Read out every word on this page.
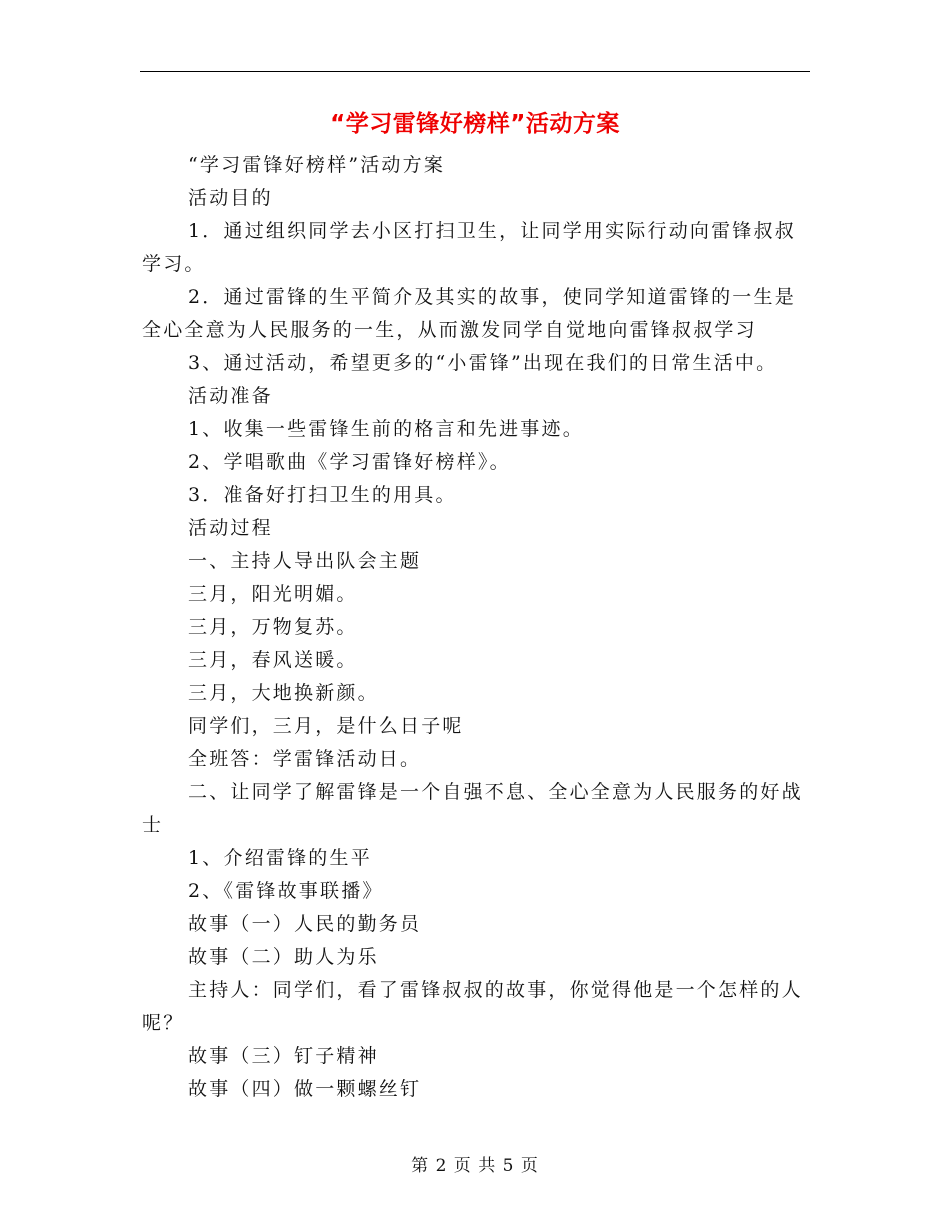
“学习雷锋好榜样”活动方案

“学习雷锋好榜样”活动方案

活动目的

1．通过组织同学去小区打扫卫生，让同学用实际行动向雷锋叔叔学习。

2．通过雷锋的生平简介及其实的故事，使同学知道雷锋的一生是全心全意为人民服务的一生，从而激发同学自觉地向雷锋叔叔学习

3、通过活动，希望更多的“小雷锋”出现在我们的日常生活中。

活动准备

1、收集一些雷锋生前的格言和先进事迹。

2、学唱歌曲《学习雷锋好榜样》。

3．准备好打扫卫生的用具。

活动过程

一、主持人导出队会主题

三月，阳光明媚。

三月，万物复苏。

三月，春风送暖。

三月，大地换新颜。

同学们，三月，是什么日子呢

全班答：学雷锋活动日。

二、让同学了解雷锋是一个自强不息、全心全意为人民服务的好战士

1、介绍雷锋的生平

2、《雷锋故事联播》

故事（一）人民的勤务员

故事（二）助人为乐

主持人：同学们，看了雷锋叔叔的故事，你觉得他是一个怎样的人呢？

故事（三）钉子精神

故事（四）做一颗螺丝钉

第 2 页 共 5 页
